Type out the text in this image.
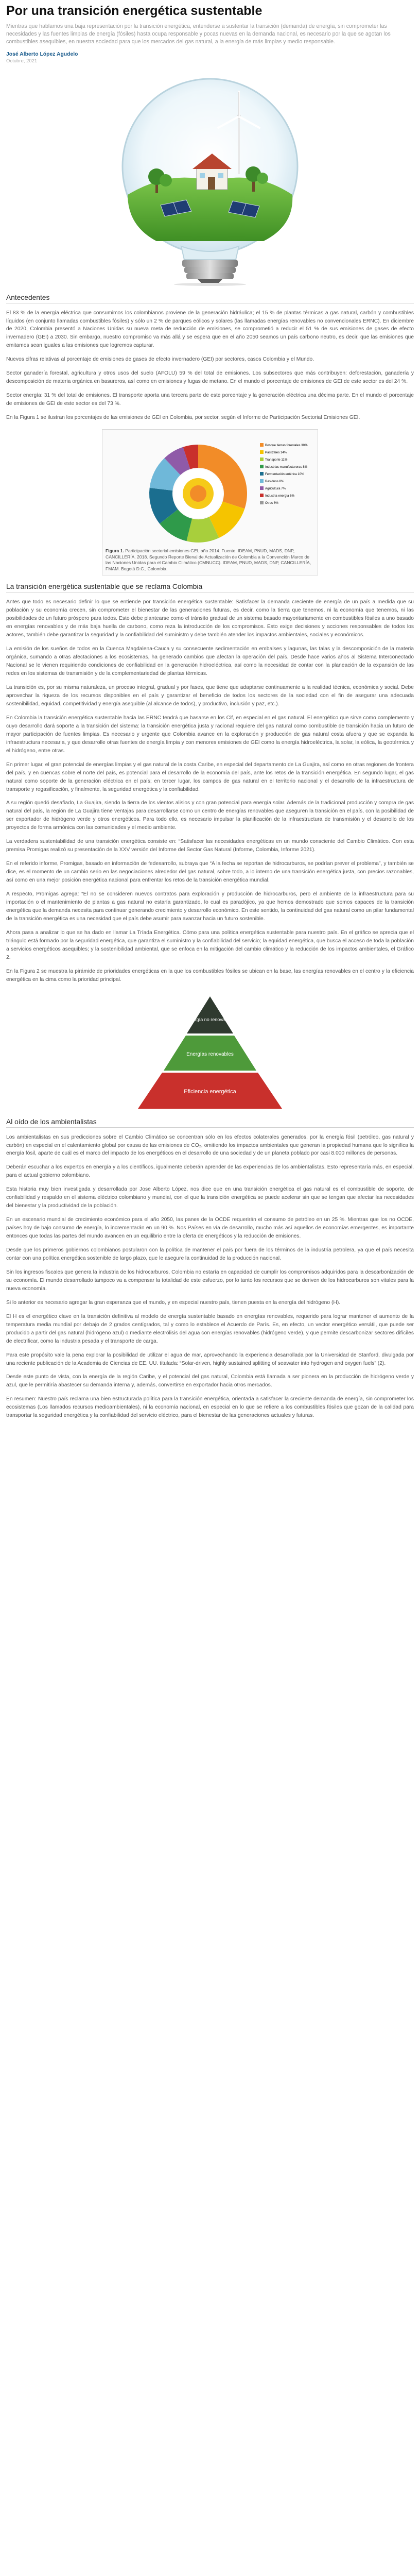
Por una transición energética sustentable

Mientras que hablamos una baja representación por la transición energética, entenderse a sustentar la transición (demanda) de energía, sin comprometer las necesidades y las fuentes limpias de energía (fósiles) hasta ocupa responsable y pocas nuevas en la demanda nacional, es necesario por la que se agotan los combustibles asequibles, en nuestra sociedad para que los mercados del gas natural, a la energía de más limpias y medio responsable.

José Alberto López Agudelo
Octubre, 2021
Antecedentes

El 83 % de la energía eléctrica que consumimos los colombianos proviene de la generación hidráulica; el 15 % de plantas térmicas a gas natural, carbón y combustibles líquidos (en conjunto llamadas combustibles fósiles) y sólo un 2 % de parques eólicos y solares (las llamadas energías renovables no convencionales ERNC). En diciembre de 2020, Colombia presentó a Naciones Unidas su nueva meta de reducción de emisiones, se comprometió a reducir el 51 % de sus emisiones de gases de efecto invernadero (GEI) a 2030. Sin embargo, nuestro compromiso va más allá y se espera que en el año 2050 seamos un país carbono neutro, es decir, que las emisiones que emitamos sean iguales a las emisiones que logremos capturar.

Nuevos cifras relativas al porcentaje de emisiones de gases de efecto invernadero (GEI) por sectores, casos Colombia y el Mundo.

Sector ganadería forestal, agricultura y otros usos del suelo (AFOLU) 59 % del total de emisiones. Los subsectores que más contribuyen: deforestación, ganadería y descomposición de materia orgánica en basureros, así como en emisiones y fugas de metano. En el mundo el porcentaje de emisiones de GEI de este sector es del 24 %.

Sector energía: 31 % del total de emisiones. El transporte aporta una tercera parte de este porcentaje y la generación eléctrica una décima parte. En el mundo el porcentaje de emisiones de GEI de este sector es del 73 %.

En la Figura 1 se ilustran los porcentajes de las emisiones de GEI en Colombia, por sector, según el Informe de Participación Sectorial Emisiones GEI.

Bosque tierras forestales 30%
Pastizales 14%
Transporte 11%
Industrias manufactureras 8%
Fermentación entérica 10%
Residuos 8%
Agricultura 7%
Industria energía 6%
Otros 6%
Figura 1. Participación sectorial emisiones GEI, año 2014. Fuente: IDEAM, PNUD, MADS, DNP, CANCILLERÍA. 2018. Segundo Reporte Bienal de Actualización de Colombia a la Convención Marco de las Naciones Unidas para el Cambio Climático (CMNUCC). IDEAM, PNUD, MADS, DNP, CANCILLERÍA, FMAM. Bogotá D.C., Colombia.
La transición energética sustentable que se reclama Colombia

Antes que todo es necesario definir lo que se entiende por transición energética sustentable: Satisfacer la demanda creciente de energía de un país a medida que su población y su economía crecen, sin comprometer el bienestar de las generaciones futuras, es decir, como la tierra que tenemos, ni la economía que tenemos, ni las posibilidades de un futuro próspero para todos. Esto debe plantearse como el tránsito gradual de un sistema basado mayoritariamente en combustibles fósiles a uno basado en energías renovables y de más baja huella de carbono, como reza la introducción de los compromisos. Esto exige decisiones y acciones responsables de todos los actores, también debe garantizar la seguridad y la confiabilidad del suministro y debe también atender los impactos ambientales, sociales y económicos.

La emisión de los sueños de todos en la Cuenca Magdalena-Cauca y su consecuente sedimentación en embalses y lagunas, las talas y la descomposición de la materia orgánica, sumando a otras afectaciones a los ecosistemas, ha generado cambios que afectan la operación del país. Desde hace varios años al Sistema Interconectado Nacional se le vienen requiriendo condiciones de confiabilidad en la generación hidroeléctrica, así como la necesidad de contar con la planeación de la expansión de las redes en los sistemas de transmisión y de la complementariedad de plantas térmicas.

La transición es, por su misma naturaleza, un proceso integral, gradual y por fases, que tiene que adaptarse continuamente a la realidad técnica, económica y social. Debe aprovechar la riqueza de los recursos disponibles en el país y garantizar el beneficio de todos los sectores de la sociedad con el fin de asegurar una adecuada sostenibilidad, equidad, competitividad y energía asequible (al alcance de todos), y productivo, inclusión y paz, etc.).

En Colombia la transición energética sustentable hacia las ERNC tendrá que basarse en los Cif, en especial en el gas natural. El energético que sirve como complemento y cuyo desarrollo dará soporte a la transición del sistema: la transición energética justa y racional requiere del gas natural como combustible de transición hacia un futuro de mayor participación de fuentes limpias. Es necesario y urgente que Colombia avance en la exploración y producción de gas natural costa afuera y que se expanda la infraestructura necesaria, y que desarrolle otras fuentes de energía limpia y con menores emisiones de GEI como la energía hidroeléctrica, la solar, la eólica, la geotérmica y el hidrógeno, entre otras.

En primer lugar, el gran potencial de energías limpias y el gas natural de la costa Caribe, en especial del departamento de La Guajira, así como en otras regiones de frontera del país, y en cuencas sobre el norte del país, es potencial para el desarrollo de la economía del país, ante los retos de la transición energética. En segundo lugar, el gas natural como soporte de la generación eléctrica en el país; en tercer lugar, los campos de gas natural en el territorio nacional y el desarrollo de la infraestructura de transporte y regasificación, y finalmente, la seguridad energética y la confiabilidad.

A su región quedó desafiado, La Guajira, siendo la tierra de los vientos alisios y con gran potencial para energía solar. Además de la tradicional producción y compra de gas natural del país, la región de La Guajira tiene ventajas para desarrollarse como un centro de energías renovables que aseguren la transición en el país, con la posibilidad de ser exportador de hidrógeno verde y otros energéticos. Para todo ello, es necesario impulsar la planificación de la infraestructura de transmisión y el desarrollo de los proyectos de forma armónica con las comunidades y el medio ambiente.

La verdadera sustentabilidad de una transición energética consiste en: “Satisfacer las necesidades energéticas en un mundo consciente del Cambio Climático. Con esta premisa Promigas realizó su presentación de la XXV versión del Informe del Sector Gas Natural (Informe, Colombia, Informe 2021).

En el referido informe, Promigas, basado en información de fedesarrollo, subraya que “A la fecha se reportan de hidrocarburos, se podrían prever el problema”, y también se dice, es el momento de un cambio serio en las negociaciones alrededor del gas natural, sobre todo, a lo interno de una transición energética justa, con precios razonables, así como en una mejor posición energética nacional para enfrentar los retos de la transición energética mundial.

A respecto, Promigas agrega: “El no se consideren nuevos contratos para exploración y producción de hidrocarburos, pero el ambiente de la infraestructura para su importación o el mantenimiento de plantas a gas natural no estaría garantizado, lo cual es paradójico, ya que hemos demostrado que somos capaces de la transición energética que la demanda necesita para continuar generando crecimiento y desarrollo económico. En este sentido, la continuidad del gas natural como un pilar fundamental de la transición energética es una necesidad que el país debe asumir para avanzar hacia un futuro sostenible.

Ahora pasa a analizar lo que se ha dado en llamar La Tríada Energética. Cómo para una política energética sustentable para nuestro país. En el gráfico se aprecia que el triángulo está formado por la seguridad energética, que garantiza el suministro y la confiabilidad del servicio; la equidad energética, que busca el acceso de toda la población a servicios energéticos asequibles; y la sostenibilidad ambiental, que se enfoca en la mitigación del cambio climático y la reducción de los impactos ambientales, el Gráfico 2.

En la Figura 2 se muestra la pirámide de prioridades energéticas en la que los combustibles fósiles se ubican en la base, las energías renovables en el centro y la eficiencia energética en la cima como la prioridad principal.

Energía no renovables
Energías renovables
Eficiencia energética
Al oído de los ambientalistas

Los ambientalistas en sus predicciones sobre el Cambio Climático se concentran sólo en los efectos colaterales generados, por la energía fósil (petróleo, gas natural y carbón) en especial en el calentamiento global por causa de las emisiones de CO₂, omitiendo los impactos ambientales que generan la propiedad humana que lo significa la energía fósil, aparte de cuál es el marco del impacto de los energéticos en el desarrollo de una sociedad y de un planeta poblado por casi 8.000 millones de personas.

Deberán escuchar a los expertos en energía y a los científicos, igualmente deberán aprender de las experiencias de los ambientalistas. Esto representaría más, en especial, para el actual gobierno colombiano.

Esta historia muy bien investigada y desarrollada por Jose Alberto López, nos dice que en una transición energética el gas natural es el combustible de soporte, de confiabilidad y respaldo en el sistema eléctrico colombiano y mundial, con el que la transición energética se puede acelerar sin que se tengan que afectar las necesidades del bienestar y la productividad de la población.

En un escenario mundial de crecimiento económico para el año 2050, las panes de la OCDE requerirán el consumo de petróleo en un 25 %. Mientras que los no OCDE, países hoy de bajo consumo de energía, lo incrementarán en un 90 %. Nos Países en vía de desarrollo, mucho más así aquellos de economías emergentes, es importante entonces que todas las partes del mundo avancen en un equilibrio entre la oferta de energéticos y la reducción de emisiones.

Desde que los primeros gobiernos colombianos postularon con la política de mantener el país por fuera de los términos de la industria petrolera, ya que el país necesita contar con una política energética sostenible de largo plazo, que le asegure la continuidad de la producción nacional.

Sin los ingresos fiscales que genera la industria de los hidrocarburos, Colombia no estaría en capacidad de cumplir los compromisos adquiridos para la descarbonización de su economía. El mundo desarrollado tampoco va a compensar la totalidad de este esfuerzo, por lo tanto los recursos que se deriven de los hidrocarburos son vitales para la nueva economía.

Si lo anterior es necesario agregar la gran esperanza que el mundo, y en especial nuestro país, tienen puesta en la energía del hidrógeno (H).

El H es el energético clave en la transición definitiva al modelo de energía sustentable basado en energías renovables, requerido para lograr mantener el aumento de la temperatura media mundial por debajo de 2 grados centígrados, tal y como lo establece el Acuerdo de París. Es, en efecto, un vector energético versátil, que puede ser producido a partir del gas natural (hidrógeno azul) o mediante electrólisis del agua con energías renovables (hidrógeno verde), y que permite descarbonizar sectores difíciles de electrificar, como la industria pesada y el transporte de carga.

Para este propósito vale la pena explorar la posibilidad de utilizar el agua de mar, aprovechando la experiencia desarrollada por la Universidad de Stanford, divulgada por una reciente publicación de la Academia de Ciencias de EE. UU. titulada: “Solar-driven, highly sustained splitting of seawater into hydrogen and oxygen fuels” (2).

Desde este punto de vista, con la energía de la región Caribe, y el potencial del gas natural, Colombia está llamada a ser pionera en la producción de hidrógeno verde y azul, que le permitiría abastecer su demanda interna y, además, convertirse en exportador hacia otros mercados.

En resumen: Nuestro país reclama una bien estructurada política para la transición energética, orientada a satisfacer la creciente demanda de energía, sin comprometer los ecosistemas (Los llamados recursos medioambientales), ni la economía nacional, en especial en lo que se refiere a los combustibles fósiles que gozan de la calidad para transportar la seguridad energética y la confiabilidad del servicio eléctrico, para el bienestar de las generaciones actuales y futuras.
